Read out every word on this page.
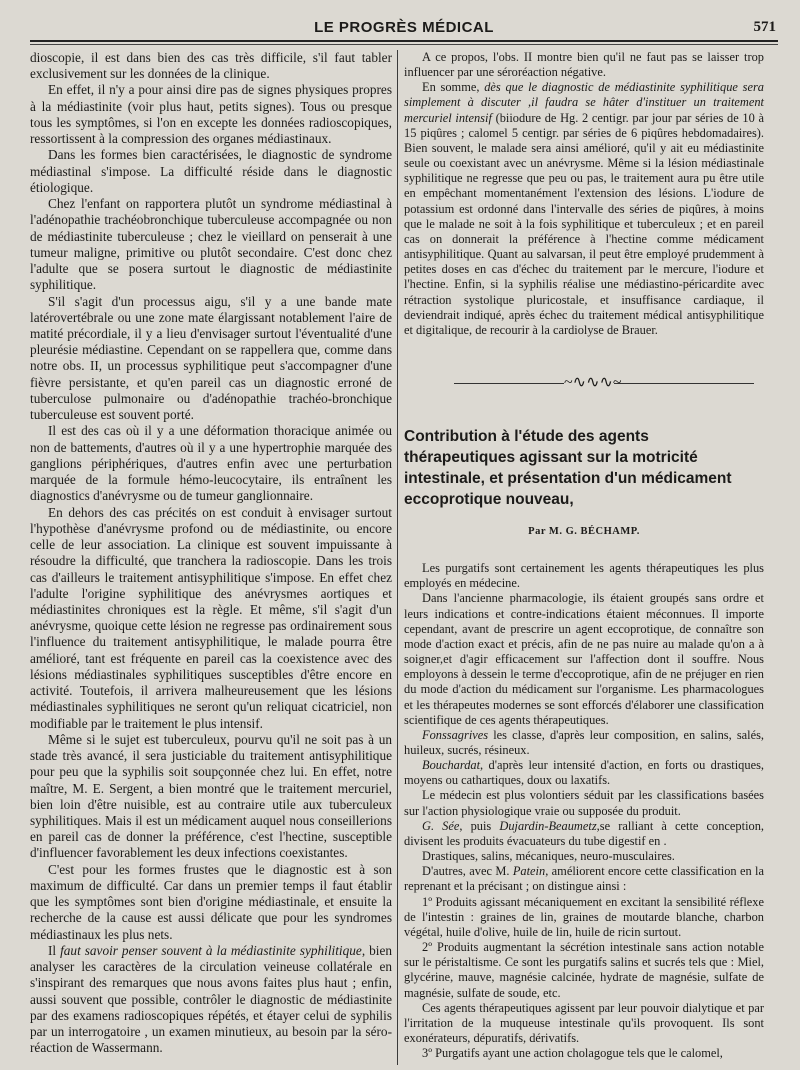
LE PROGRÈS MÉDICAL	571

dioscopie, il est dans bien des cas très difficile, s'il faut tabler exclusivement sur les données de la clinique.

En effet, il n'y a pour ainsi dire pas de signes physiques propres à la médiastinite (voir plus haut, petits signes). Tous ou presque tous les symptômes, si l'on en excepte les données radioscopiques, ressortissent à la compression des organes médiastinaux.

Dans les formes bien caractérisées, le diagnostic de syndrome médiastinal s'impose. La difficulté réside dans le diagnostic étiologique.

Chez l'enfant on rapportera plutôt un syndrome médiastinal à l'adénopathie trachéobronchique tuberculeuse accompagnée ou non de médiastinite tuberculeuse ; chez le vieillard on penserait à une tumeur maligne, primitive ou plutôt secondaire. C'est donc chez l'adulte que se posera surtout le diagnostic de médiastinite syphilitique.

S'il s'agit d'un processus aigu, s'il y a une bande mate latérovertébrale ou une zone mate élargissant notablement l'aire de matité précordiale, il y a lieu d'envisager surtout l'éventualité d'une pleurésie médiastine. Cependant on se rappellera que, comme dans notre obs. II, un processus syphilitique peut s'accompagner d'une fièvre persistante, et qu'en pareil cas un diagnostic erroné de tuberculose pulmonaire ou d'adénopathie trachéo-bronchique tuberculeuse est souvent porté.

Il est des cas où il y a une déformation thoracique animée ou non de battements, d'autres où il y a une hypertrophie marquée des ganglions périphériques, d'autres enfin avec une perturbation marquée de la formule hémo-leucocytaire, ils entraînent les diagnostics d'anévrysme ou de tumeur ganglionnaire.

En dehors des cas précités on est conduit à envisager surtout l'hypothèse d'anévrysme profond ou de médiastinite, ou encore celle de leur association. La clinique est souvent impuissante à résoudre la difficulté, que tranchera la radioscopie. Dans les trois cas d'ailleurs le traitement antisyphilitique s'impose. En effet chez l'adulte l'origine syphilitique des anévrysmes aortiques et médiastinites chroniques est la règle. Et même, s'il s'agit d'un anévrysme, quoique cette lésion ne regresse pas ordinairement sous l'influence du traitement antisyphilitique, le malade pourra être amélioré, tant est fréquente en pareil cas la coexistence avec des lésions médiastinales syphilitiques susceptibles d'être encore en activité. Toutefois, il arrivera malheureusement que les lésions médiastinales syphilitiques ne seront qu'un reliquat cicatriciel, non modifiable par le traitement le plus intensif.

Même si le sujet est tuberculeux, pourvu qu'il ne soit pas à un stade très avancé, il sera justiciable du traitement antisyphilitique pour peu que la syphilis soit soupçonnée chez lui. En effet, notre maître, M. E. Sergent, a bien montré que le traitement mercuriel, bien loin d'être nuisible, est au contraire utile aux tuberculeux syphilitiques. Mais il est un médicament auquel nous conseillerions en pareil cas de donner la préférence, c'est l'hectine, susceptible d'influencer favorablement les deux infections coexistantes.

C'est pour les formes frustes que le diagnostic est à son maximum de difficulté. Car dans un premier temps il faut établir que les symptômes sont bien d'origine médiastinale, et ensuite la recherche de la cause est aussi délicate que pour les syndromes médiastinaux les plus nets.

Il faut savoir penser souvent à la médiastinite syphilitique, bien analyser les caractères de la circulation veineuse collatérale en s'inspirant des remarques que nous avons faites plus haut ; enfin, aussi souvent que possible, contrôler le diagnostic de médiastinite par des examens radioscopiques répétés, et étayer celui de syphilis par un interrogatoire , un examen minutieux, au besoin par la séro-réaction de Wassermann.

A ce propos, l'obs. II montre bien qu'il ne faut pas se laisser trop influencer par une séroréaction négative.

En somme, dès que le diagnostic de médiastinite syphilitique sera simplement à discuter ,il faudra se hâter d'instituer un traitement mercuriel intensif (biiodure de Hg. 2 centigr. par jour par séries de 10 à 15 piqûres ; calomel 5 centigr. par séries de 6 piqûres hebdomadaires). Bien souvent, le malade sera ainsi amélioré, qu'il y ait eu médiastinite seule ou coexistant avec un anévrysme. Même si la lésion médiastinale syphilitique ne regresse que peu ou pas, le traitement aura pu être utile en empêchant momentanément l'extension des lésions. L'iodure de potassium est ordonné dans l'intervalle des séries de piqûres, à moins que le malade ne soit à la fois syphilitique et tuberculeux ; et en pareil cas on donnerait la préférence à l'hectine comme médicament antisyphilitique. Quant au salvarsan, il peut être employé prudemment à petites doses en cas d'échec du traitement par le mercure, l'iodure et l'hectine. Enfin, si la syphilis réalise une médiastino-péricardite avec rétraction systolique pluricostale, et insuffisance cardiaque, il deviendrait indiqué, après échec du traitement médical antisyphilitique et digitalique, de recourir à la cardiolyse de Brauer.

~∿∿∿~
Contribution à l'étude des agents thérapeutiques agissant sur la motricité intestinale, et présentation d'un médicament eccoprotique nouveau,
Par M. G. BÉCHAMP.

Les purgatifs sont certainement les agents thérapeutiques les plus employés en médecine.

Dans l'ancienne pharmacologie, ils étaient groupés sans ordre et leurs indications et contre-indications étaient méconnues. Il importe cependant, avant de prescrire un agent eccoprotique, de connaître son mode d'action exact et précis, afin de ne pas nuire au malade qu'on a à soigner,et d'agir efficacement sur l'affection dont il souffre. Nous employons à dessein le terme d'eccoprotique, afin de ne préjuger en rien du mode d'action du médicament sur l'organisme. Les pharmacologues et les thérapeutes modernes se sont efforcés d'élaborer une classification scientifique de ces agents thérapeutiques.

Fonssagrives les classe, d'après leur composition, en salins, salés, huileux, sucrés, résineux.

Bouchardat, d'après leur intensité d'action, en forts ou drastiques, moyens ou cathartiques, doux ou laxatifs.

Le médecin est plus volontiers séduit par les classifications basées sur l'action physiologique vraie ou supposée du produit.

G. Sée, puis Dujardin-Beaumetz,se ralliant à cette conception, divisent les produits évacuateurs du tube digestif en .

Drastiques, salins, mécaniques, neuro-musculaires.

D'autres, avec M. Patein, améliorent encore cette classification en la reprenant et la précisant ; on distingue ainsi :

1º Produits agissant mécaniquement en excitant la sensibilité réflexe de l'intestin : graines de lin, graines de moutarde blanche, charbon végétal, huile d'olive, huile de lin, huile de ricin surtout.

2º Produits augmentant la sécrétion intestinale sans action notable sur le péristaltisme. Ce sont les purgatifs salins et sucrés tels que : Miel, glycérine, mauve, magnésie calcinée, hydrate de magnésie, sulfate de magnésie, sulfate de soude, etc.

Ces agents thérapeutiques agissent par leur pouvoir dialytique et par l'irritation de la muqueuse intestinale qu'ils provoquent. Ils sont exonérateurs, dépuratifs, dérivatifs.

3º Purgatifs ayant une action cholagogue tels que le calomel,
